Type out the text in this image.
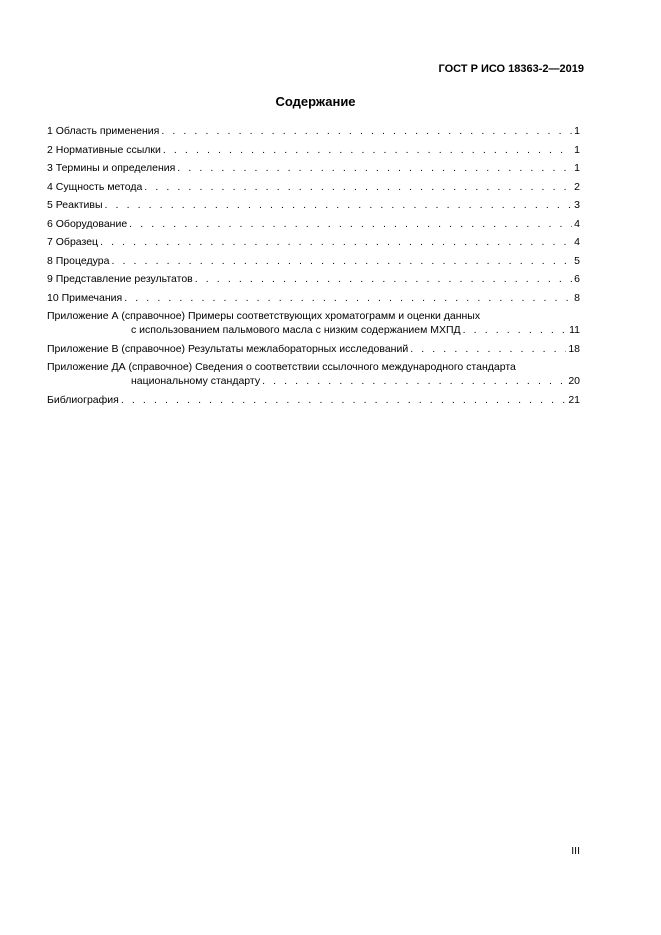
ГОСТ Р ИСО 18363-2—2019
Содержание
1 Область применения . . .	1
2 Нормативные ссылки . . .	1
3 Термины и определения . . .	1
4 Сущность метода . . .	2
5 Реактивы . . .	3
6 Оборудование . . .	4
7 Образец . . .	4
8 Процедура . . .	5
9 Представление результатов . . .	6
10 Примечания . . .	8
Приложение А (справочное) Примеры соответствующих хроматограмм и оценки данных
с использованием пальмового масла с низким содержанием МХПД . . .	11
Приложение В (справочное) Результаты межлабораторных исследований . . .	18
Приложение ДА (справочное) Сведения о соответствии ссылочного международного стандарта
национальному стандарту . . .	20
Библиография . . .	21
III
